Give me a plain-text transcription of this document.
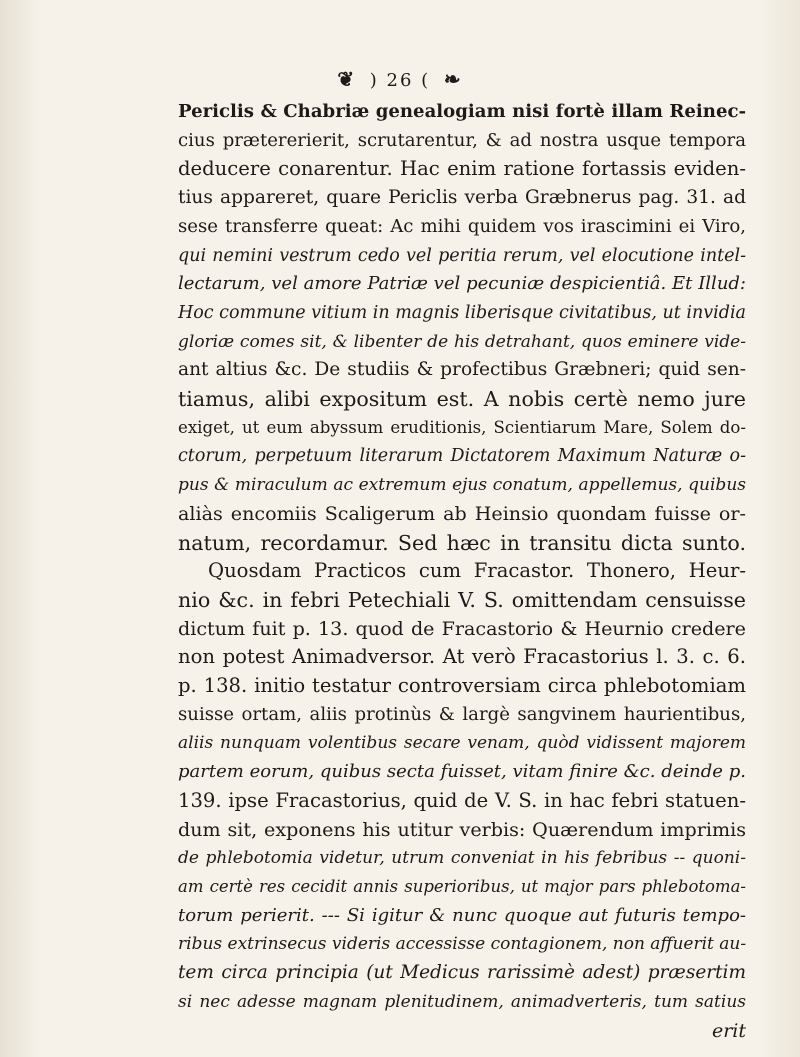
❦ ) 26 ( ❧
Periclis & Chabriæ genealogiam nisi fortè illam Reinec-
cius prætererierit, scrutarentur, & ad nostra usque tempora
deducere conarentur. Hac enim ratione fortassis eviden-
tius appareret, quare Periclis verba Græbnerus pag. 31. ad
sese transferre queat: Ac mihi quidem vos irascimini ei Viro,
qui nemini vestrum cedo vel peritia rerum, vel elocutione intel-
lectarum, vel amore Patriæ vel pecuniæ despicientiâ. Et Illud:
Hoc commune vitium in magnis liberisque civitatibus, ut invidia
gloriæ comes sit, & libenter de his detrahant, quos eminere vide-
ant altius &c. De studiis & profectibus Græbneri; quid sen-
tiamus, alibi expositum est. A nobis certè nemo jure
exiget, ut eum abyssum eruditionis, Scientiarum Mare, Solem do-
ctorum, perpetuum literarum Dictatorem Maximum Naturæ o-
pus & miraculum ac extremum ejus conatum, appellemus, quibus
aliàs encomiis Scaligerum ab Heinsio quondam fuisse or-
natum, recordamur. Sed hæc in transitu dicta sunto.
Quosdam Practicos cum Fracastor. Thonero, Heur-
nio &c. in febri Petechiali V. S. omittendam censuisse
dictum fuit p. 13. quod de Fracastorio & Heurnio credere
non potest Animadversor. At verò Fracastorius l. 3. c. 6.
p. 138. initio testatur controversiam circa phlebotomiam
suisse ortam, aliis protinùs & largè sangvinem haurientibus,
aliis nunquam volentibus secare venam, quòd vidissent majorem
partem eorum, quibus secta fuisset, vitam finire &c. deinde p.
139. ipse Fracastorius, quid de V. S. in hac febri statuen-
dum sit, exponens his utitur verbis: Quærendum imprimis
de phlebotomia videtur, utrum conveniat in his febribus -- quoni-
am certè res cecidit annis superioribus, ut major pars phlebotoma-
torum perierit. --- Si igitur & nunc quoque aut futuris tempo-
ribus extrinsecus videris accessisse contagionem, non affuerit au-
tem circa principia (ut Medicus rarissimè adest) præsertim
si nec adesse magnam plenitudinem, animadverteris, tum satius
erit
